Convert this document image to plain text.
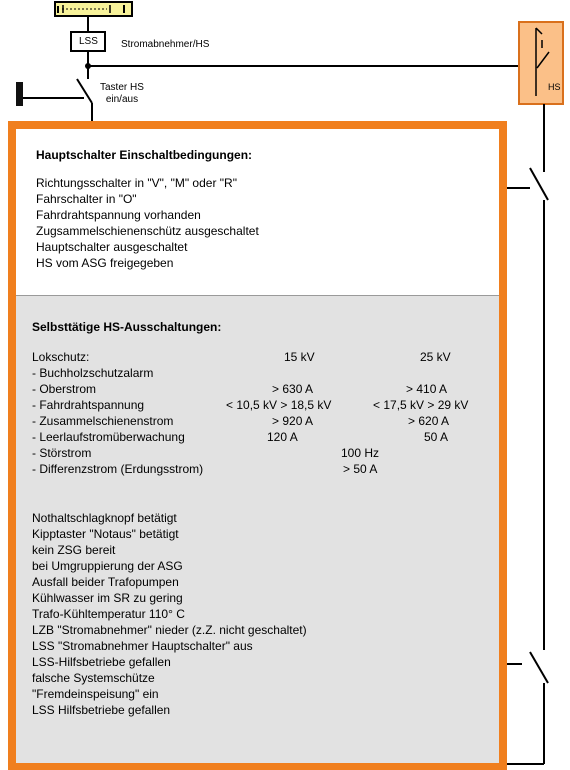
LSS Stromabnehmer/HS
Taster HS
ein/aus
HS
Hauptschalter Einschaltbedingungen:
Richtungsschalter in "V", "M" oder "R"
Fahrschalter in "O"
Fahrdrahtspannung vorhanden
Zugsammelschienenschütz ausgeschaltet
Hauptschalter ausgeschaltet
HS vom ASG freigegeben
Selbsttätige HS-Ausschaltungen:
Lokschutz:	15 kV	25 kV
- Buchholzschutzalarm
- Oberstrom	> 630 A	> 410 A
- Fahrdrahtspannung	< 10,5 kV > 18,5 kV	< 17,5 kV > 29 kV
- Zusammelschienenstrom	> 920 A	> 620 A
- Leerlaufstromüberwachung	120 A	50 A
- Störstrom	100 Hz
- Differenzstrom (Erdungsstrom)	> 50 A
Nothaltschlagknopf betätigt
Kipptaster "Notaus" betätigt
kein ZSG bereit
bei Umgruppierung der ASG
Ausfall beider Trafopumpen
Kühlwasser im SR zu gering
Trafo-Kühltemperatur 110° C
LZB "Stromabnehmer" nieder (z.Z. nicht geschaltet)
LSS "Stromabnehmer Hauptschalter" aus
LSS-Hilfsbetriebe gefallen
falsche Systemschütze
"Fremdeinspeisung" ein
LSS Hilfsbetriebe gefallen
